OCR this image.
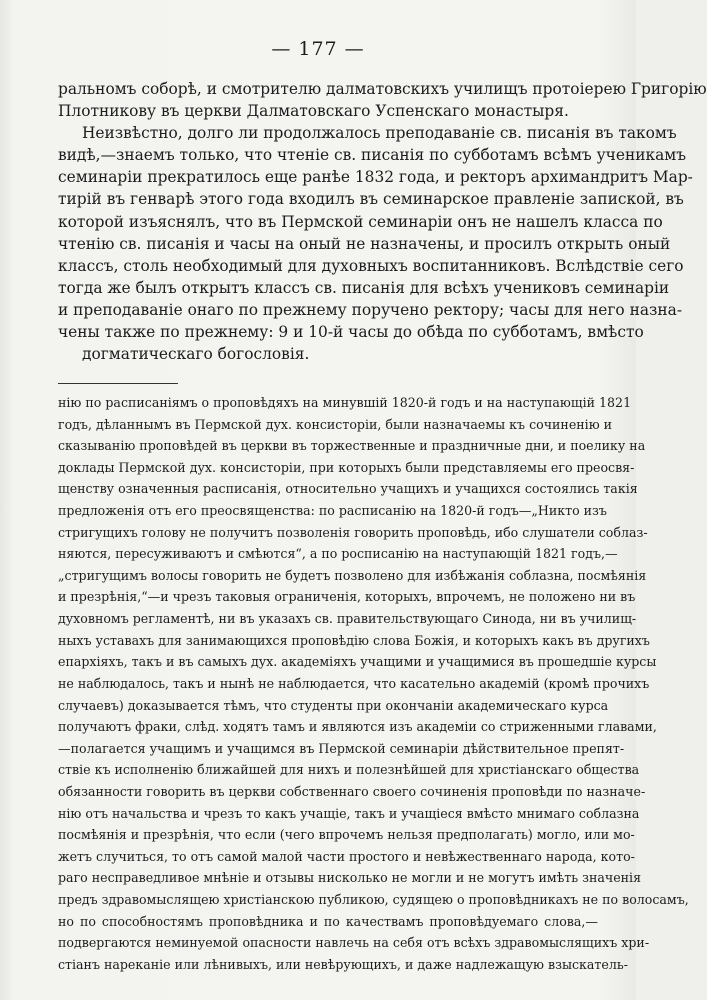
— 177 —
ральномъ соборѣ, и смотрителю далматовскихъ училищъ протоіерею Григорію
Плотникову въ церкви Далматовскаго Успенскаго монастыря.
Неизвѣстно, долго ли продолжалось преподаваніе св. писанія въ такомъ
видѣ,—знаемъ только, что чтеніе св. писанія по субботамъ всѣмъ ученикамъ
семинаріи прекратилось еще ранѣе 1832 года, и ректоръ архимандритъ Мар-
тирій въ генварѣ этого года входилъ въ семинарское правленіе запиской, въ
которой изъяснялъ, что въ Пермской семинаріи онъ не нашелъ класса по
чтенію св. писанія и часы на оный не назначены, и просилъ открыть оный
классъ, столь необходимый для духовныхъ воспитанниковъ. Вслѣдствіе сего
тогда же былъ открытъ классъ св. писанія для всѣхъ учениковъ семинаріи
и преподаваніе онаго по прежнему поручено ректору; часы для него назна-
чены также по прежнему: 9 и 10-й часы до обѣда по субботамъ, вмѣсто
догматическаго богословія.
нію по расписаніямъ о проповѣдяхъ на минувшій 1820-й годъ и на наступающій 1821
годъ, дѣланнымъ въ Пермской дух. консисторіи, были назначаемы къ сочиненію и
сказыванію проповѣдей въ церкви въ торжественные и праздничные дни, и поелику на
доклады Пермской дух. консисторіи, при которыхъ были представляемы его преосвя-
щенству означенныя расписанія, относительно учащихъ и учащихся состоялись такія
предложенія отъ его преосвященства: по расписанію на 1820-й годъ—„Никто изъ
стригущихъ голову не получитъ позволенія говорить проповѣдь, ибо слушатели соблаз-
няются, пересуживаютъ и смѣются“, а по росписанію на наступающій 1821 годъ,—
„стригущимъ волосы говорить не будетъ позволено для избѣжанія соблазна, посмѣянія
и презрѣнія,“—и чрезъ таковыя ограниченія, которыхъ, впрочемъ, не положено ни въ
духовномъ регламентѣ, ни въ указахъ св. правительствующаго Синода, ни въ училищ-
ныхъ уставахъ для занимающихся проповѣдію слова Божія, и которыхъ какъ въ другихъ
епархіяхъ, такъ и въ самыхъ дух. академіяхъ учащими и учащимися въ прошедшіе курсы
не наблюдалось, такъ и нынѣ не наблюдается, что касательно академій (кромѣ прочихъ
случаевъ) доказывается тѣмъ, что студенты при окончаніи академическаго курса
получаютъ фраки, слѣд. ходятъ тамъ и являются изъ академіи со стриженными главами,
—полагается учащимъ и учащимся въ Пермской семинаріи дѣйствительное препят-
ствіе къ исполненію ближайшей для нихъ и полезнѣйшей для христіанскаго общества
обязанности говорить въ церкви собственнаго своего сочиненія проповѣди по назначе-
нію отъ начальства и чрезъ то какъ учащіе, такъ и учащіеся вмѣсто мнимаго соблазна
посмѣянія и презрѣнія, что если (чего впрочемъ нельзя предполагать) могло, или мо-
жетъ случиться, то отъ самой малой части простого и невѣжественнаго народа, кото-
раго несправедливое мнѣніе и отзывы нисколько не могли и не могутъ имѣть значенія
предъ здравомыслящею христіанскою публикою, судящею о проповѣдникахъ не по волосамъ,
но по способностямъ проповѣдника и по качествамъ проповѣдуемаго слова,—
подвергаются неминуемой опасности навлечь на себя отъ всѣхъ здравомыслящихъ хри-
стіанъ нареканіе или лѣнивыхъ, или невѣрующихъ, и даже надлежащую взыскатель-
